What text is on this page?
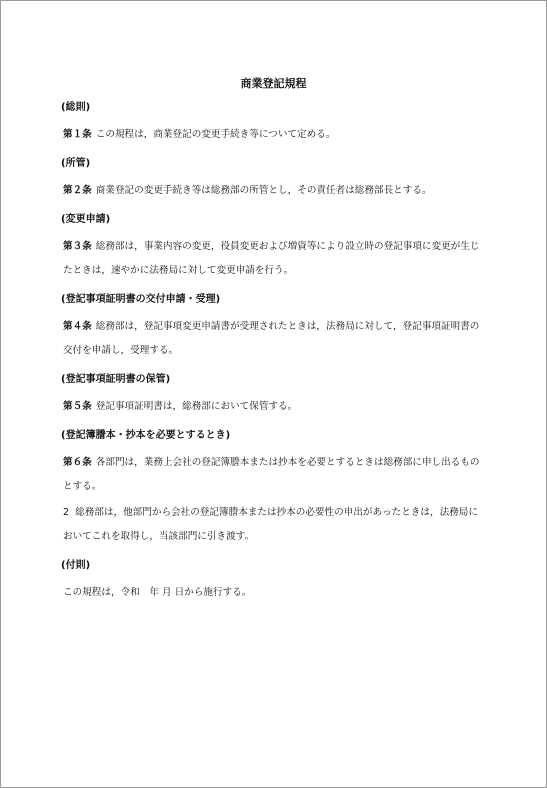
商業登記規程
(総則)

第１条 この規程は，商業登記の変更手続き等について定める。

(所管)

第２条 商業登記の変更手続き等は総務部の所管とし，その責任者は総務部長とする。

(変更申請)

第３条 総務部は，事業内容の変更，役員変更および増資等により設立時の登記事項に変更が生じたときは，速やかに法務局に対して変更申請を行う。

(登記事項証明書の交付申請・受理)

第４条 総務部は，登記事項変更申請書が受理されたときは，法務局に対して，登記事項証明書の交付を申請し，受理する。

(登記事項証明書の保管)

第５条 登記事項証明書は，総務部において保管する。

(登記簿謄本・抄本を必要とするとき)

第６条 各部門は，業務上会社の登記簿謄本または抄本を必要とするときは総務部に申し出るものとする。

2 総務部は，他部門から会社の登記簿謄本または抄本の必要性の申出があったときは，法務局においてこれを取得し，当該部門に引き渡す。

(付則)

この規程は，令和　年 月 日から施行する。
